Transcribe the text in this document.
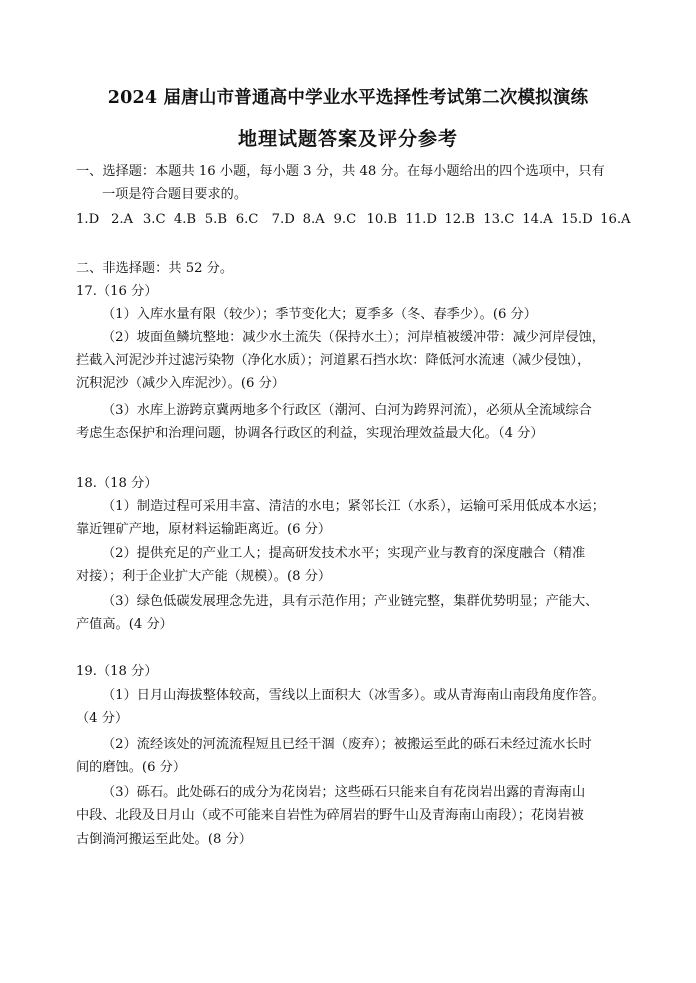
2024 届唐山市普通高中学业水平选择性考试第二次模拟演练
地理试题答案及评分参考
一、选择题：本题共 16 小题，每小题 3 分，共 48 分。在每小题给出的四个选项中，只有
一项是符合题目要求的。
1.D 2.A 3.C 4.B 5.B 6.C	7.D 8.A 9.C 10.B 11.D 12.B 13.C 14.A 15.D 16.A
二、非选择题：共 52 分。
17.（16 分）
（1）入库水量有限（较少）；季节变化大；夏季多（冬、春季少）。(6 分）
（2）坡面鱼鳞坑整地：减少水土流失（保持水土）；河岸植被缓冲带：减少河岸侵蚀，
拦截入河泥沙并过滤污染物（净化水质）；河道累石挡水坎：降低河水流速（减少侵蚀），
沉积泥沙（减少入库泥沙）。(6 分）
（3）水库上游跨京冀两地多个行政区（潮河、白河为跨界河流），必须从全流域综合
考虑生态保护和治理问题，协调各行政区的利益，实现治理效益最大化。（4 分）
18.（18 分）
（1）制造过程可采用丰富、清洁的水电；紧邻长江（水系），运输可采用低成本水运；
靠近锂矿产地，原材料运输距离近。(6 分）
（2）提供充足的产业工人；提高研发技术水平；实现产业与教育的深度融合（精准
对接）；利于企业扩大产能（规模）。(8 分）
（3）绿色低碳发展理念先进，具有示范作用；产业链完整，集群优势明显；产能大、
产值高。(4 分）
19.（18 分）
（1）日月山海拔整体较高，雪线以上面积大（冰雪多）。或从青海南山南段角度作答。
（4 分）
（2）流经该处的河流流程短且已经干涸（废弃）；被搬运至此的砾石未经过流水长时
间的磨蚀。(6 分）
（3）砾石。此处砾石的成分为花岗岩；这些砾石只能来自有花岗岩出露的青海南山
中段、北段及日月山（或不可能来自岩性为碎屑岩的野牛山及青海南山南段）；花岗岩被
古倒淌河搬运至此处。(8 分）
